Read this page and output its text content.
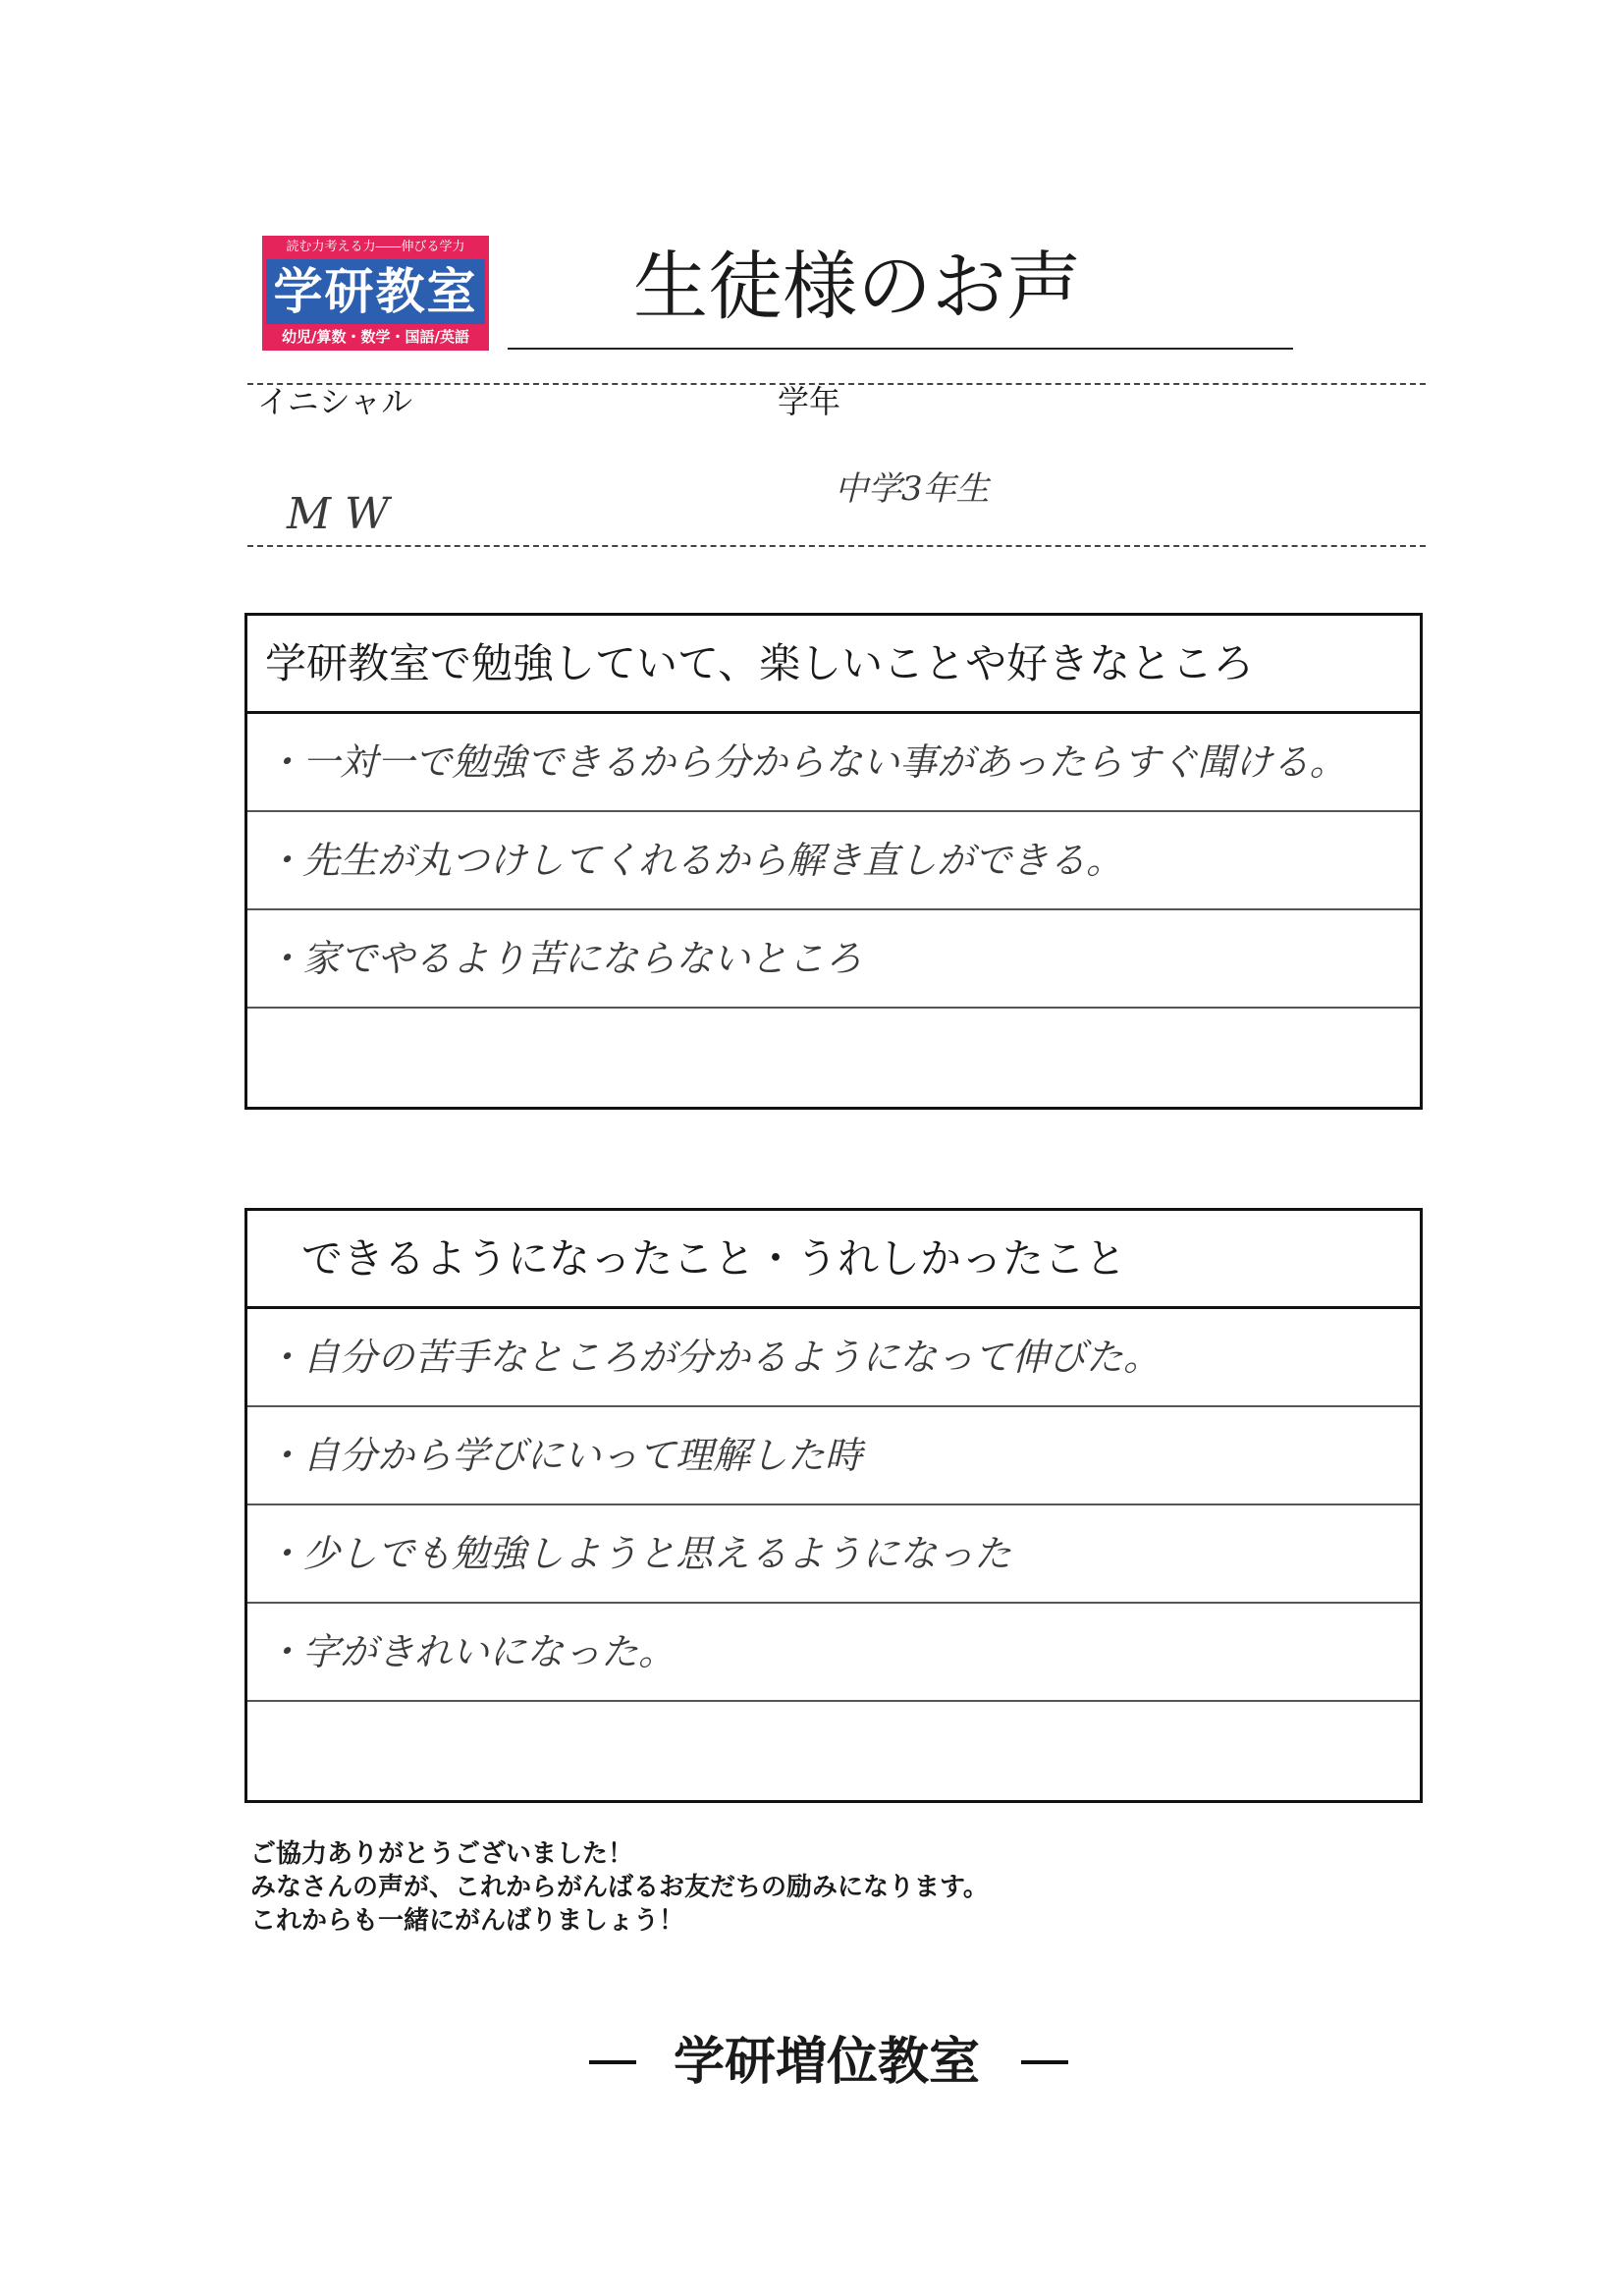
読む力考える力――伸びる学力
学研教室
幼児/算数・数学・国語/英語
生徒様のお声
イニシャル	学年
M W	中学3年生
学研教室で勉強していて、楽しいことや好きなところ
・一対一で勉強できるから分からない事があったらすぐ聞ける。
・先生が丸つけしてくれるから解き直しができる。
・家でやるより苦にならないところ
できるようになったこと・うれしかったこと
・自分の苦手なところが分かるようになって伸びた。
・自分から学びにいって理解した時
・少しでも勉強しようと思えるようになった
・字がきれいになった。
ご協力ありがとうございました！
みなさんの声が、これからがんばるお友だちの励みになります。
これからも一緒にがんばりましょう！
学研増位教室
